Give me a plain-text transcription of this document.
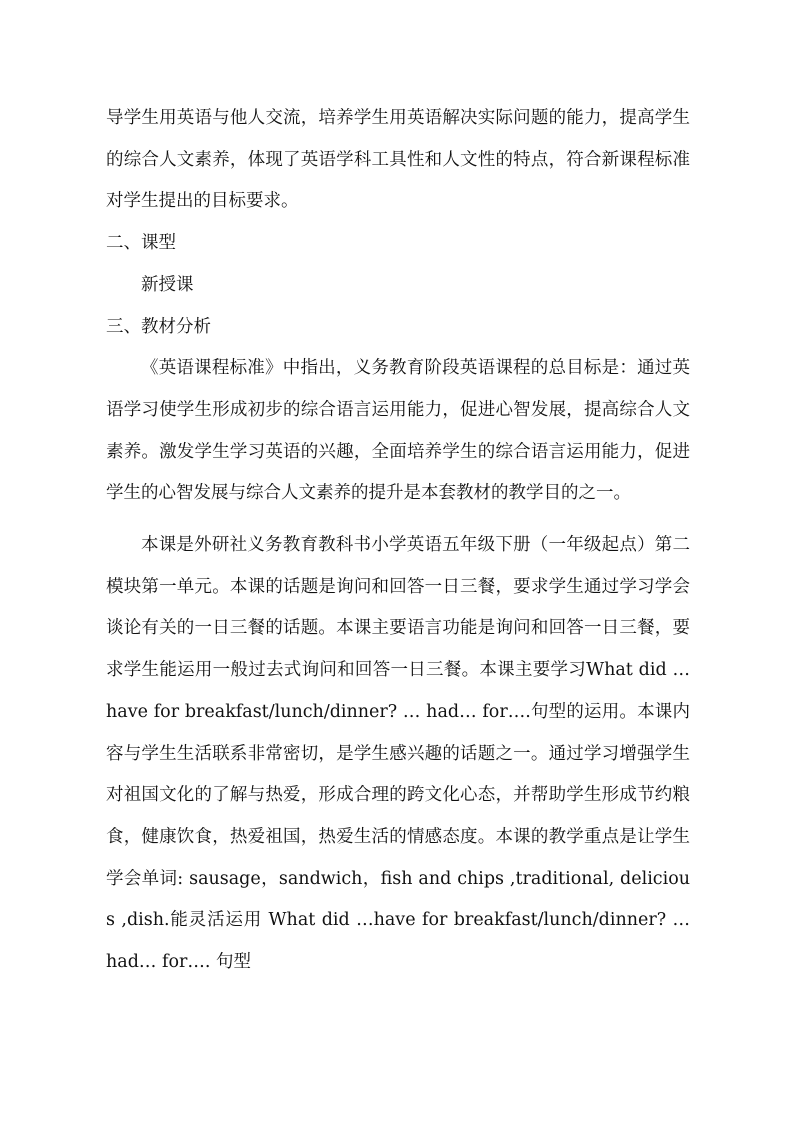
导学生用英语与他人交流，培养学生用英语解决实际问题的能力，提高学生的综合人文素养，体现了英语学科工具性和人文性的特点，符合新课程标准对学生提出的目标要求。

二、课型

新授课

三、教材分析

《英语课程标准》中指出，义务教育阶段英语课程的总目标是：通过英语学习使学生形成初步的综合语言运用能力，促进心智发展，提高综合人文素养。激发学生学习英语的兴趣，全面培养学生的综合语言运用能力，促进学生的心智发展与综合人文素养的提升是本套教材的教学目的之一。

本课是外研社义务教育教科书小学英语五年级下册（一年级起点）第二模块第一单元。本课的话题是询问和回答一日三餐，要求学生通过学习学会谈论有关的一日三餐的话题。本课主要语言功能是询问和回答一日三餐，要求学生能运用一般过去式询问和回答一日三餐。本课主要学习What did …have for breakfast/lunch/dinner? … had… for….句型的运用。本课内容与学生生活联系非常密切，是学生感兴趣的话题之一。通过学习增强学生对祖国文化的了解与热爱，形成合理的跨文化心态，并帮助学生形成节约粮食，健康饮食，热爱祖国，热爱生活的情感态度。本课的教学重点是让学生学会单词: sausage，sandwich，fish and chips ,traditional, delicious ,dish.能灵活运用 What did …have for breakfast/lunch/dinner? … had… for…. 句型
